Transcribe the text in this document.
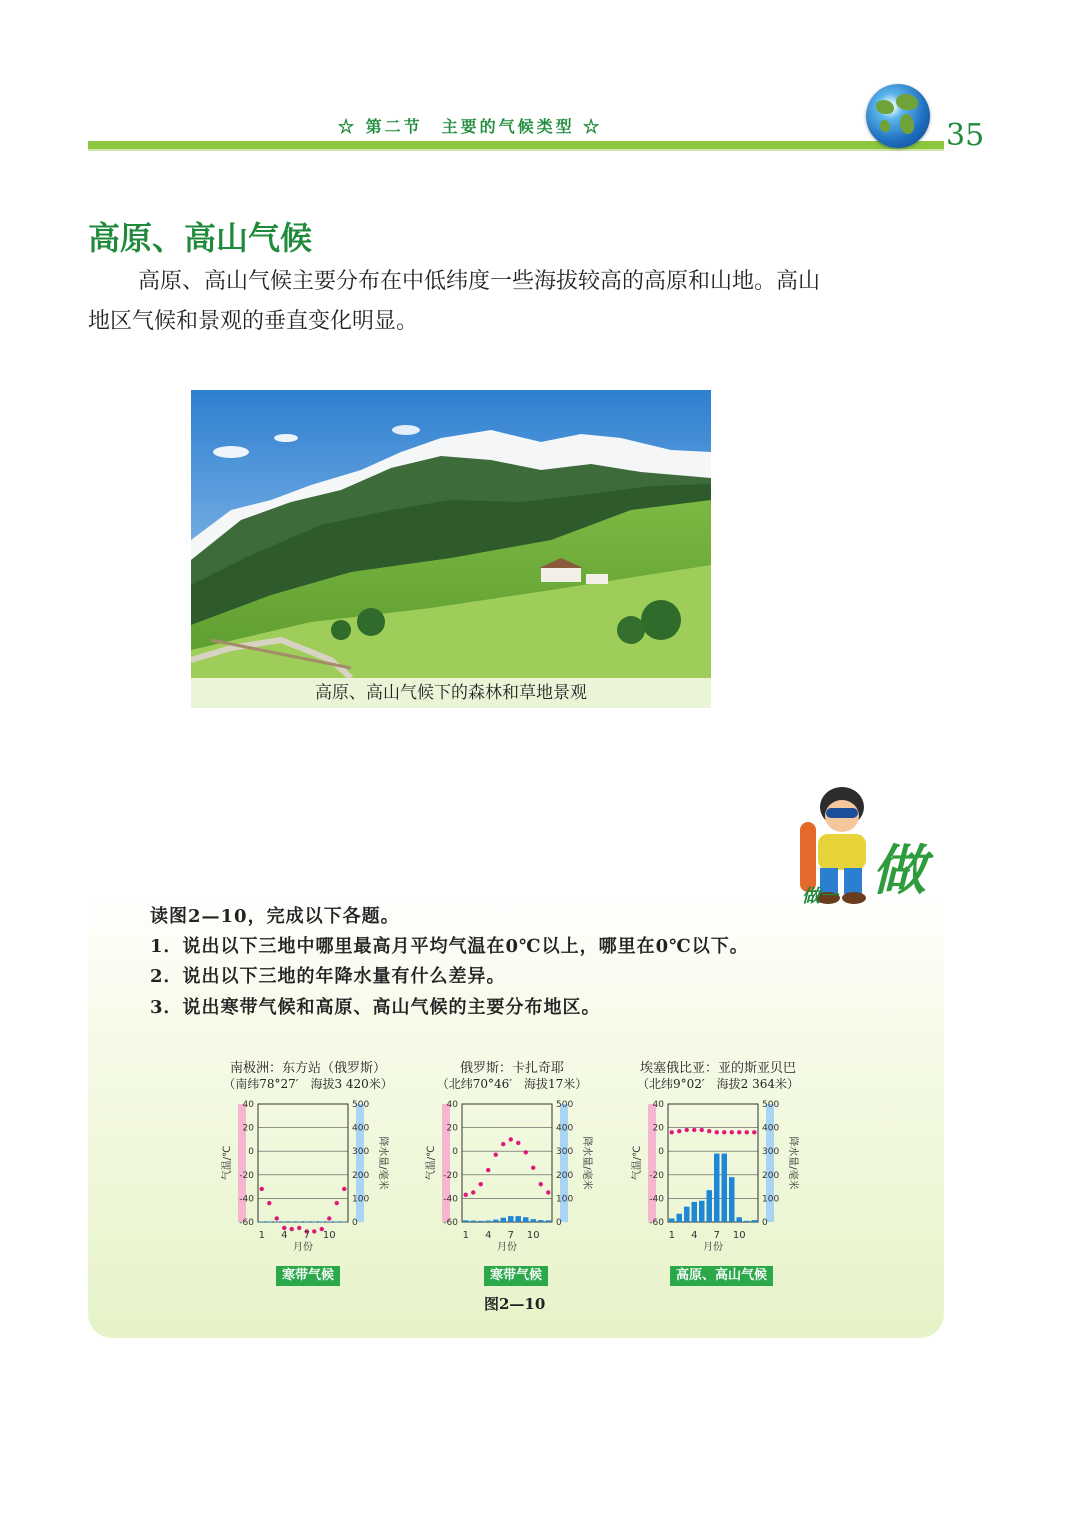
☆ 第二节　主要的气候类型 ☆	35
高原、高山气候
高原、高山气候主要分布在中低纬度一些海拔较高的高原和山地。高山地区气候和景观的垂直变化明显。
高原、高山气候下的森林和草地景观
做一 做
读图2—10，完成以下各题。
1．说出以下三地中哪里最高月平均气温在0℃以上，哪里在0℃以下。
2．说出以下三地的年降水量有什么差异。
3．说出寒带气候和高原、高山气候的主要分布地区。
南极洲：东方站（俄罗斯）
（南纬78°27′　海拔3 420米）
40
20
0
-20
-40
-60
500
400
300
200
100
0
气温/℃	降水量/毫米
1 4 7 10
月份
寒带气候
俄罗斯：卡扎奇耶
（北纬70°46′　海拔17米）
40
20
0
-20
-40
-60
500
400
300
200
100
0
气温/℃	降水量/毫米
1 4 7 10
月份
寒带气候
埃塞俄比亚：亚的斯亚贝巴
（北纬9°02′　海拔2 364米）
40
20
0
-20
-40
-60
500
400
300
200
100
0
气温/℃	降水量/毫米
1 4 7 10
月份
高原、高山气候
图2—10
